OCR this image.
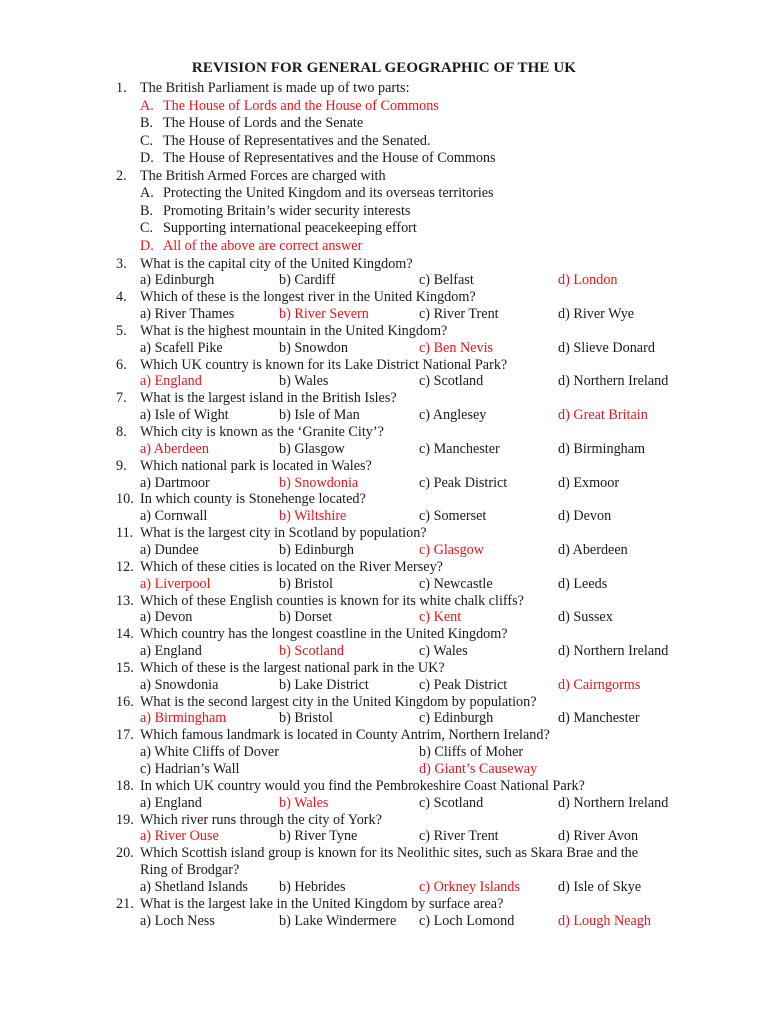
REVISION FOR GENERAL GEOGRAPHIC OF THE UK
1. The British Parliament is made up of two parts:
A. The House of Lords and the House of Commons
B. The House of Lords and the Senate
C. The House of Representatives and the Senated.
D. The House of Representatives and the House of Commons
2. The British Armed Forces are charged with
A. Protecting the United Kingdom and its overseas territories
B. Promoting Britain’s wider security interests
C. Supporting international peacekeeping effort
D. All of the above are correct answer
3. What is the capital city of the United Kingdom?
a) Edinburgh	b) Cardiff	c) Belfast	d) London
4. Which of these is the longest river in the United Kingdom?
a) River Thames	b) River Severn	c) River Trent	d) River Wye
5. What is the highest mountain in the United Kingdom?
a) Scafell Pike	b) Snowdon	c) Ben Nevis	d) Slieve Donard
6. Which UK country is known for its Lake District National Park?
a) England	b) Wales	c) Scotland	d) Northern Ireland
7. What is the largest island in the British Isles?
a) Isle of Wight	b) Isle of Man	c) Anglesey	d) Great Britain
8. Which city is known as the ‘Granite City’?
a) Aberdeen	b) Glasgow	c) Manchester	d) Birmingham
9. Which national park is located in Wales?
a) Dartmoor	b) Snowdonia	c) Peak District	d) Exmoor
10. In which county is Stonehenge located?
a) Cornwall	b) Wiltshire	c) Somerset	d) Devon
11. What is the largest city in Scotland by population?
a) Dundee	b) Edinburgh	c) Glasgow	d) Aberdeen
12. Which of these cities is located on the River Mersey?
a) Liverpool	b) Bristol	c) Newcastle	d) Leeds
13. Which of these English counties is known for its white chalk cliffs?
a) Devon	b) Dorset	c) Kent	d) Sussex
14. Which country has the longest coastline in the United Kingdom?
a) England	b) Scotland	c) Wales	d) Northern Ireland
15. Which of these is the largest national park in the UK?
a) Snowdonia	b) Lake District	c) Peak District	d) Cairngorms
16. What is the second largest city in the United Kingdom by population?
a) Birmingham	b) Bristol	c) Edinburgh	d) Manchester
17. Which famous landmark is located in County Antrim, Northern Ireland?
a) White Cliffs of Dover	b) Cliffs of Moher
c) Hadrian’s Wall	d) Giant’s Causeway
18. In which UK country would you find the Pembrokeshire Coast National Park?
a) England	b) Wales	c) Scotland	d) Northern Ireland
19. Which river runs through the city of York?
a) River Ouse	b) River Tyne	c) River Trent	d) River Avon
20. Which Scottish island group is known for its Neolithic sites, such as Skara Brae and the
Ring of Brodgar?
a) Shetland Islands b) Hebrides	c) Orkney Islands	d) Isle of Skye
21. What is the largest lake in the United Kingdom by surface area?
a) Loch Ness	b) Lake Windermere c) Loch Lomond	d) Lough Neagh
